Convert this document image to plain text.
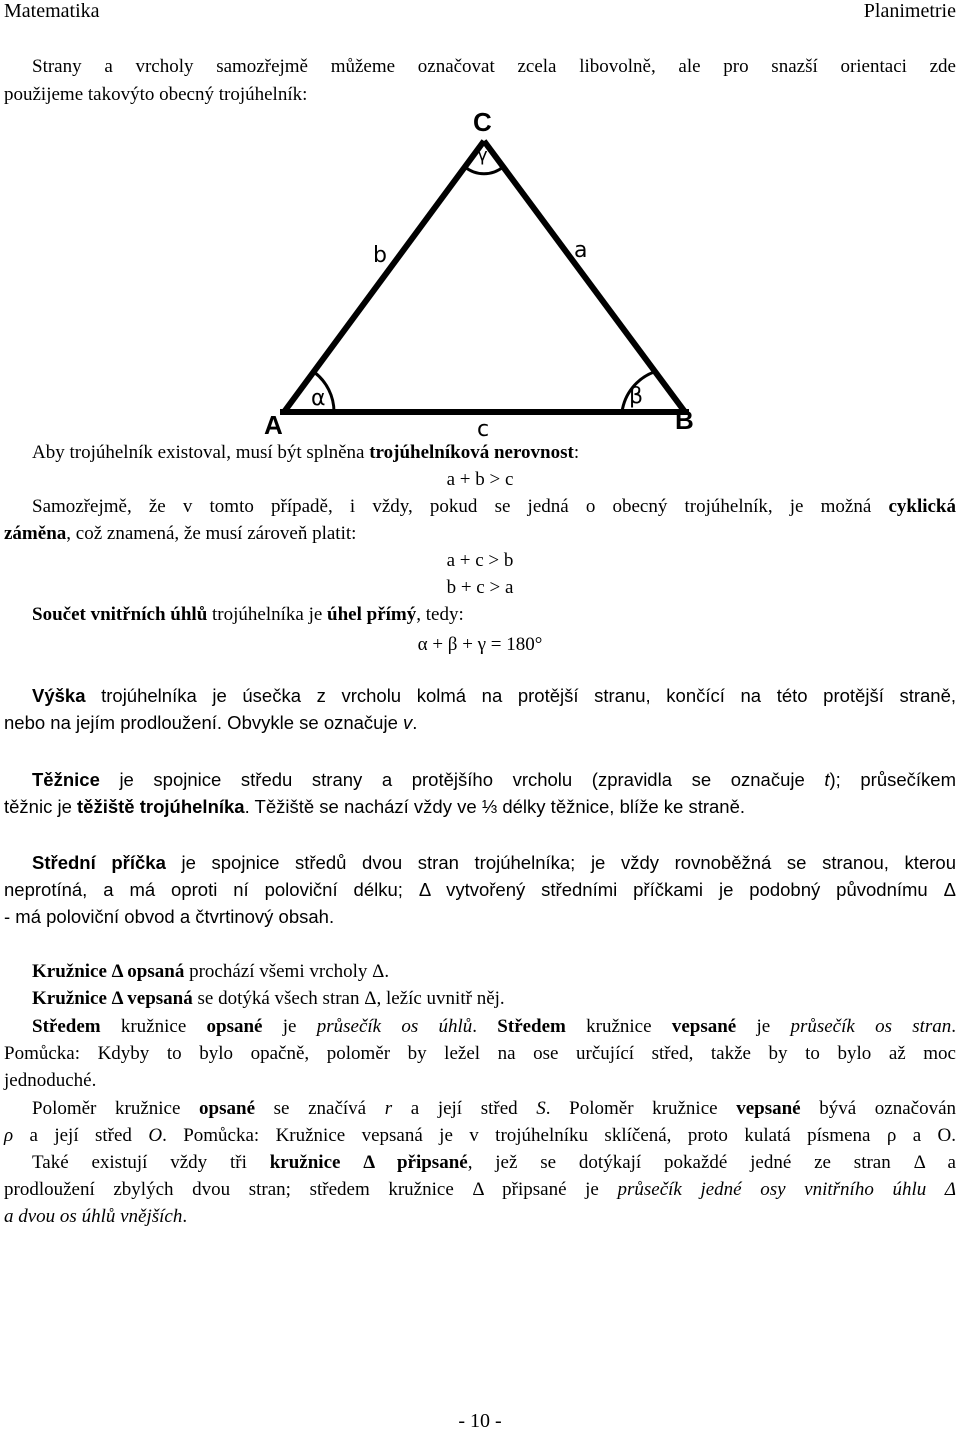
Matematika	Planimetrie
Strany a vrcholy samozřejmě můžeme označovat zcela libovolně, ale pro snazší orientaci zde
použijeme takovýto obecný trojúhelník:
C
A	B
b	a
c
α	β
γ
Aby trojúhelník existoval, musí být splněna trojúhelníková nerovnost:
a + b > c
Samozřejmě, že v tomto případě, i vždy, pokud se jedná o obecný trojúhelník, je možná cyklická
záměna, což znamená, že musí zároveň platit:
a + c > b
b + c > a
Součet vnitřních úhlů trojúhelníka je úhel přímý, tedy:
α + β + γ = 180°
Výška trojúhelníka je úsečka z vrcholu kolmá na protější stranu, končící na této protější straně,
nebo na jejím prodloužení. Obvykle se označuje v.
Těžnice je spojnice středu strany a protějšího vrcholu (zpravidla se označuje t); průsečíkem
těžnic je těžiště trojúhelníka. Těžiště se nachází vždy ve ⅓ délky těžnice, blíže ke straně.
Střední příčka je spojnice středů dvou stran trojúhelníka; je vždy rovnoběžná se stranou, kterou
neprotíná, a má oproti ní poloviční délku; Δ vytvořený středními příčkami je podobný původnímu Δ
- má poloviční obvod a čtvrtinový obsah.
Kružnice Δ opsaná prochází všemi vrcholy Δ.
Kružnice Δ vepsaná se dotýká všech stran Δ, ležíc uvnitř něj.
Středem kružnice opsané je průsečík os úhlů. Středem kružnice vepsané je průsečík os stran.
Pomůcka: Kdyby to bylo opačně, poloměr by ležel na ose určující střed, takže by to bylo až moc
jednoduché.
Poloměr kružnice opsané se značívá r a její střed S. Poloměr kružnice vepsané bývá označován
ρ a její střed O. Pomůcka: Kružnice vepsaná je v trojúhelníku sklíčená, proto kulatá písmena ρ a O.
Také existují vždy tři kružnice Δ připsané, jež se dotýkají pokaždé jedné ze stran Δ a
prodloužení zbylých dvou stran; středem kružnice Δ připsané je průsečík jedné osy vnitřního úhlu Δ
a dvou os úhlů vnějších.
- 10 -
